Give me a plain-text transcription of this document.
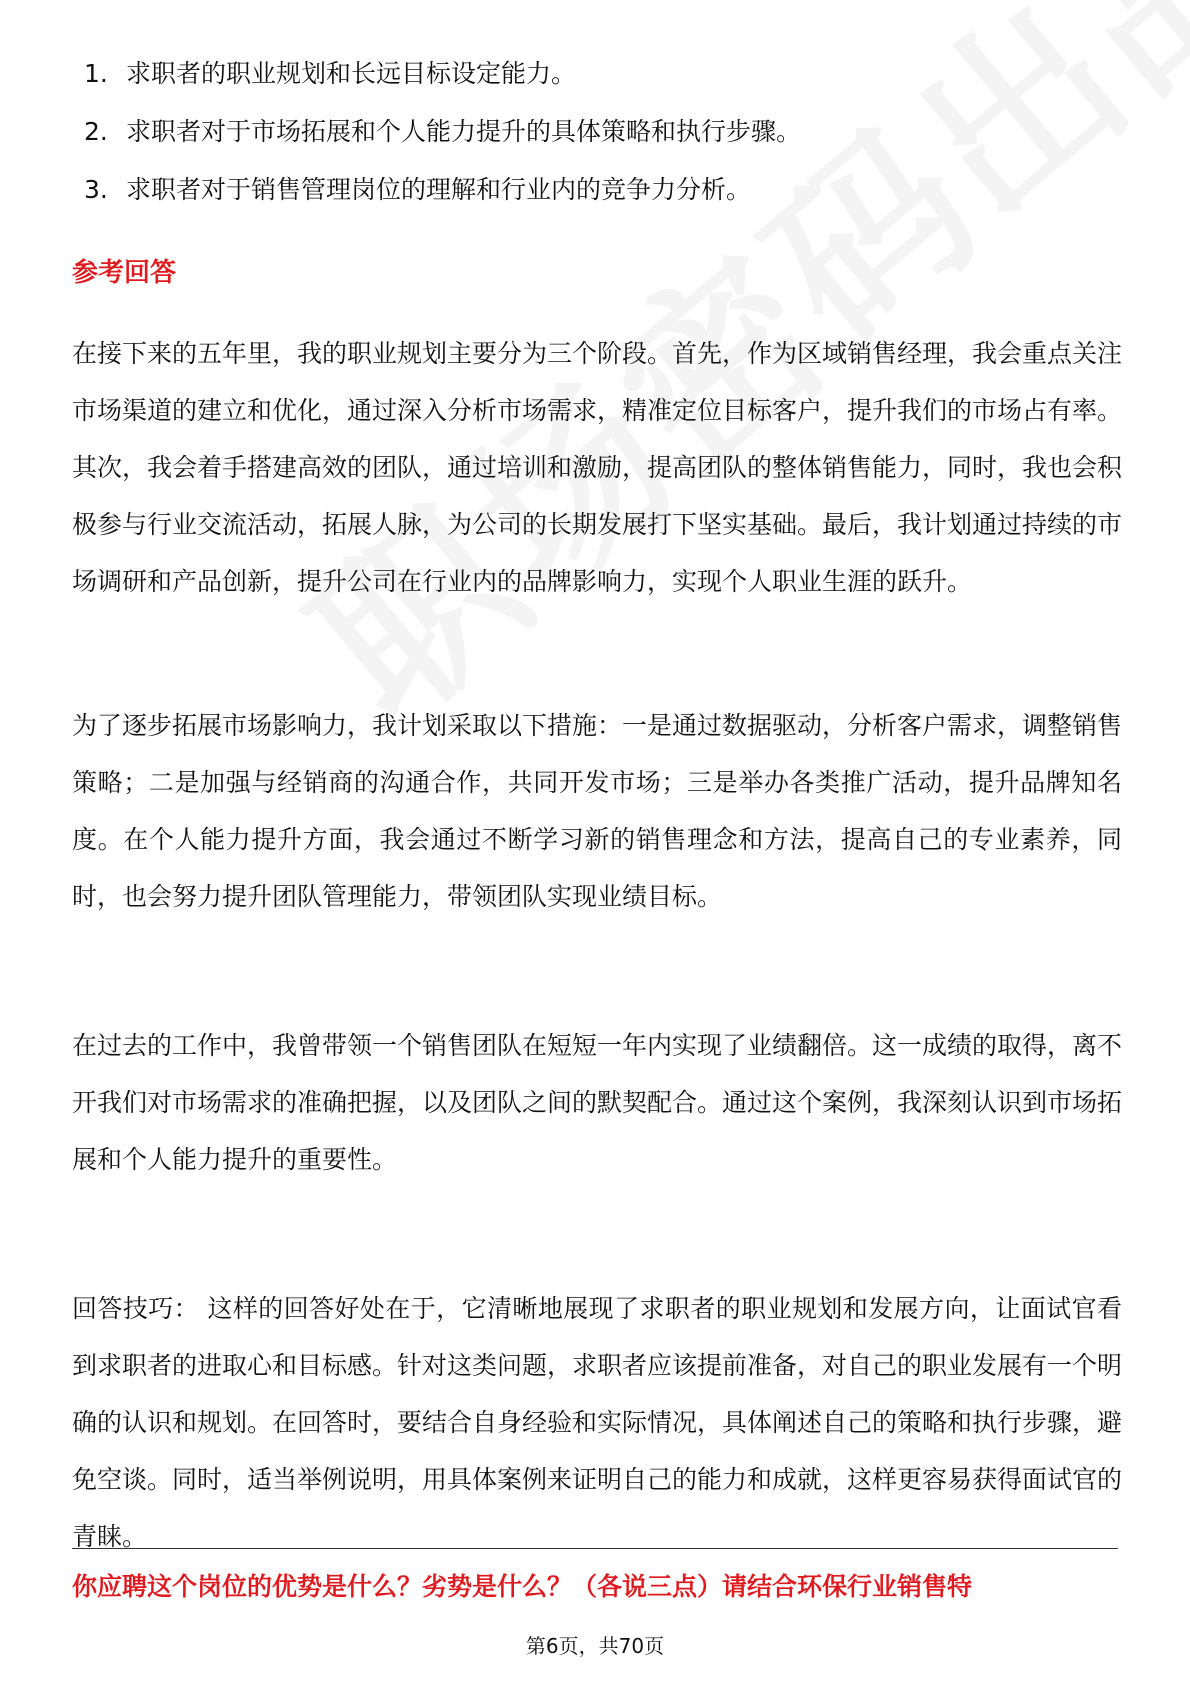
1. 求职者的职业规划和长远目标设定能力。
2. 求职者对于市场拓展和个人能力提升的具体策略和执行步骤。
3. 求职者对于销售管理岗位的理解和行业内的竞争力分析。
参考回答

在接下来的五年里，我的职业规划主要分为三个阶段。首先，作为区域销售经理，我会重点关注市场渠道的建立和优化，通过深入分析市场需求，精准定位目标客户，提升我们的市场占有率。其次，我会着手搭建高效的团队，通过培训和激励，提高团队的整体销售能力，同时，我也会积极参与行业交流活动，拓展人脉，为公司的长期发展打下坚实基础。最后，我计划通过持续的市场调研和产品创新，提升公司在行业内的品牌影响力，实现个人职业生涯的跃升。

为了逐步拓展市场影响力，我计划采取以下措施：一是通过数据驱动，分析客户需求，调整销售策略；二是加强与经销商的沟通合作，共同开发市场；三是举办各类推广活动，提升品牌知名度。在个人能力提升方面，我会通过不断学习新的销售理念和方法，提高自己的专业素养，同时，也会努力提升团队管理能力，带领团队实现业绩目标。

在过去的工作中，我曾带领一个销售团队在短短一年内实现了业绩翻倍。这一成绩的取得，离不开我们对市场需求的准确把握，以及团队之间的默契配合。通过这个案例，我深刻认识到市场拓展和个人能力提升的重要性。

回答技巧： 这样的回答好处在于，它清晰地展现了求职者的职业规划和发展方向，让面试官看到求职者的进取心和目标感。针对这类问题，求职者应该提前准备，对自己的职业发展有一个明确的认识和规划。在回答时，要结合自身经验和实际情况，具体阐述自己的策略和执行步骤，避免空谈。同时，适当举例说明，用具体案例来证明自己的能力和成就，这样更容易获得面试官的青睐。

你应聘这个岗位的优势是什么？劣势是什么？（各说三点）请结合环保行业销售特
第6页，共70页
